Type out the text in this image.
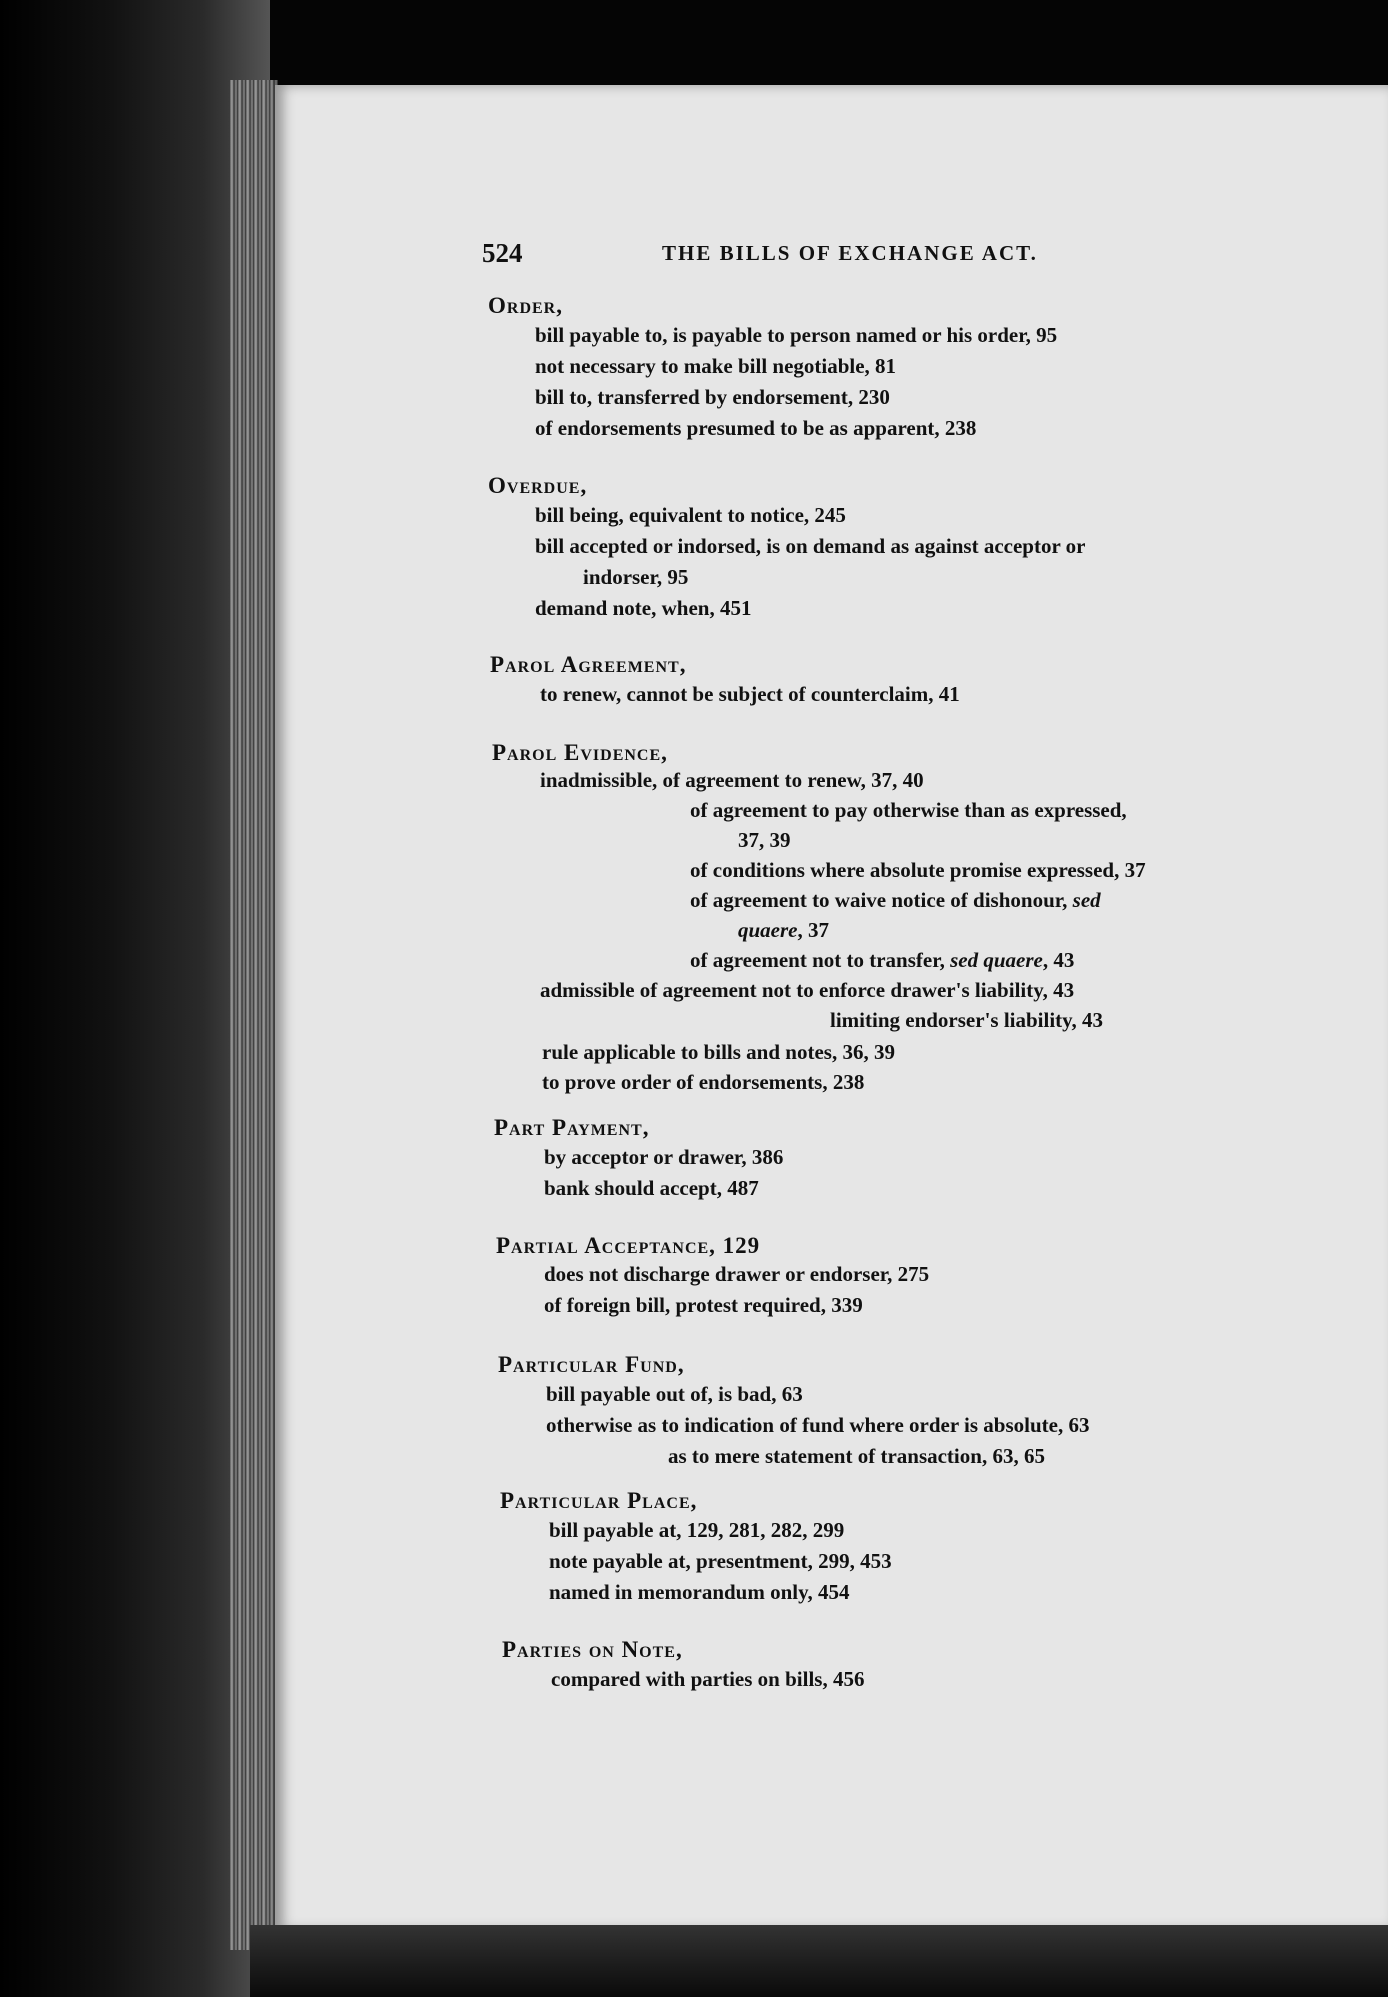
524	THE BILLS OF EXCHANGE ACT.
Order,
bill payable to, is payable to person named or his order, 95
not necessary to make bill negotiable, 81
bill to, transferred by endorsement, 230
of endorsements presumed to be as apparent, 238
Overdue,
bill being, equivalent to notice, 245
bill accepted or indorsed, is on demand as against acceptor or
indorser, 95
demand note, when, 451
Parol Agreement,
to renew, cannot be subject of counterclaim, 41
Parol Evidence,
inadmissible, of agreement to renew, 37, 40
of agreement to pay otherwise than as expressed,
37, 39
of conditions where absolute promise expressed, 37
of agreement to waive notice of dishonour, sed
quaere, 37
of agreement not to transfer, sed quaere, 43
admissible of agreement not to enforce drawer's liability, 43
limiting endorser's liability, 43
rule applicable to bills and notes, 36, 39
to prove order of endorsements, 238
Part Payment,
by acceptor or drawer, 386
bank should accept, 487
Partial Acceptance, 129
does not discharge drawer or endorser, 275
of foreign bill, protest required, 339
Particular Fund,
bill payable out of, is bad, 63
otherwise as to indication of fund where order is absolute, 63
as to mere statement of transaction, 63, 65
Particular Place,
bill payable at, 129, 281, 282, 299
note payable at, presentment, 299, 453
named in memorandum only, 454
Parties on Note,
compared with parties on bills, 456
